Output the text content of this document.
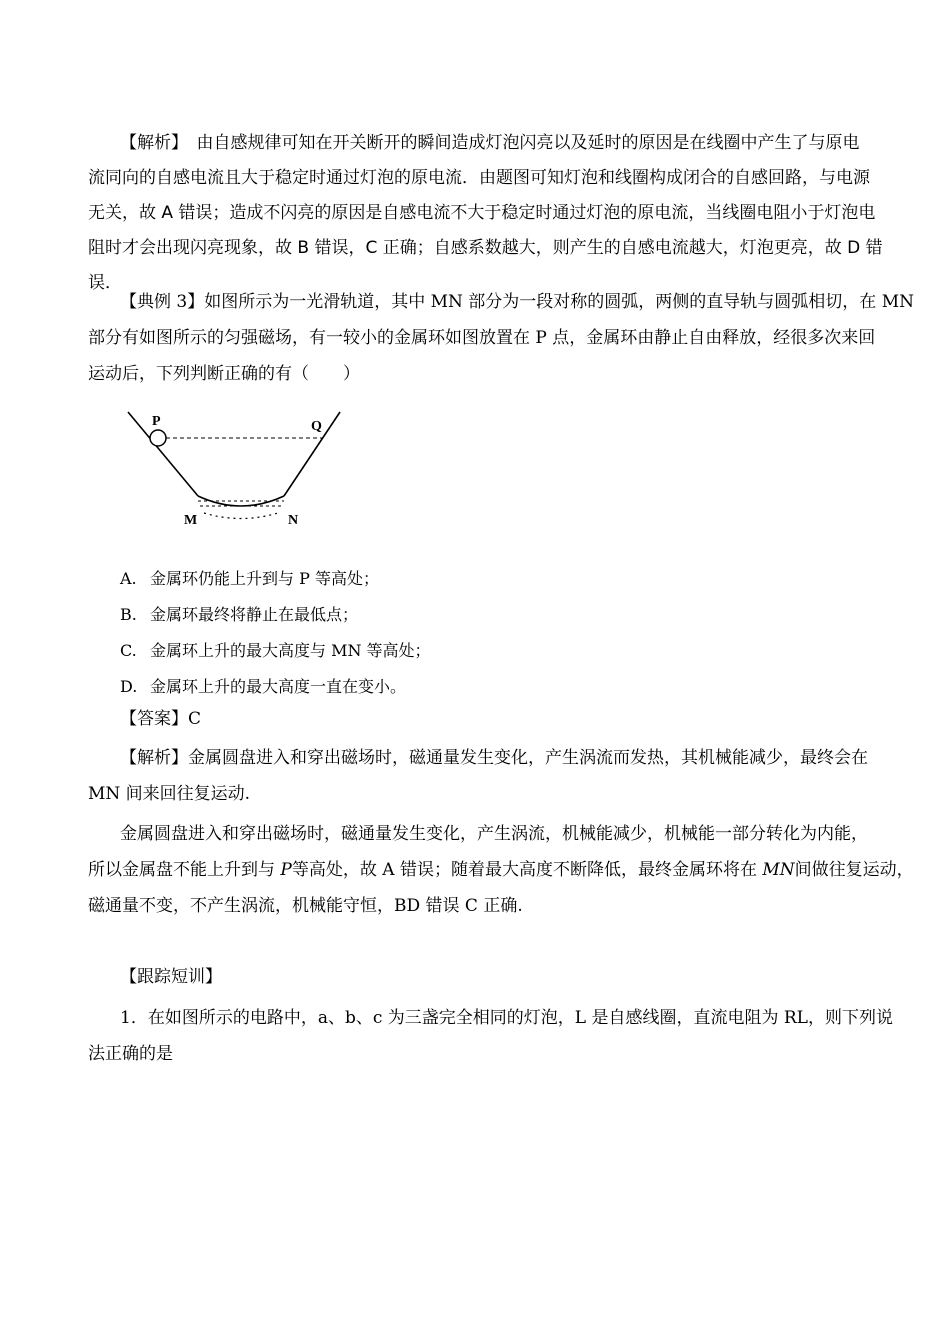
【解析】　由自感规律可知在开关断开的瞬间造成灯泡闪亮以及延时的原因是在线圈中产生了与原电
流同向的自感电流且大于稳定时通过灯泡的原电流．由题图可知灯泡和线圈构成闭合的自感回路，与电源
无关，故 A 错误；造成不闪亮的原因是自感电流不大于稳定时通过灯泡的原电流，当线圈电阻小于灯泡电
阻时才会出现闪亮现象，故 B 错误，C 正确；自感系数越大，则产生的自感电流越大，灯泡更亮，故 D 错
误．
【典例 3】如图所示为一光滑轨道，其中 MN 部分为一段对称的圆弧，两侧的直导轨与圆弧相切，在 MN
部分有如图所示的匀强磁场，有一较小的金属环如图放置在 P 点，金属环由静止自由释放，经很多次来回
运动后，下列判断正确的有（　　）
P	Q
M	N
A. 金属环仍能上升到与 P 等高处；
B. 金属环最终将静止在最低点；
C. 金属环上升的最大高度与 MN 等高处；
D. 金属环上升的最大高度一直在变小。
【答案】C
【解析】金属圆盘进入和穿出磁场时，磁通量发生变化，产生涡流而发热，其机械能减少，最终会在
MN 间来回往复运动.
金属圆盘进入和穿出磁场时，磁通量发生变化，产生涡流，机械能减少，机械能一部分转化为内能，
所以金属盘不能上升到与 P等高处，故 A 错误；随着最大高度不断降低，最终金属环将在 MN间做往复运动，
磁通量不变，不产生涡流，机械能守恒，BD 错误 C 正确.
【跟踪短训】
1．在如图所示的电路中，a、b、c 为三盏完全相同的灯泡，L 是自感线圈，直流电阻为 RL，则下列说
法正确的是
